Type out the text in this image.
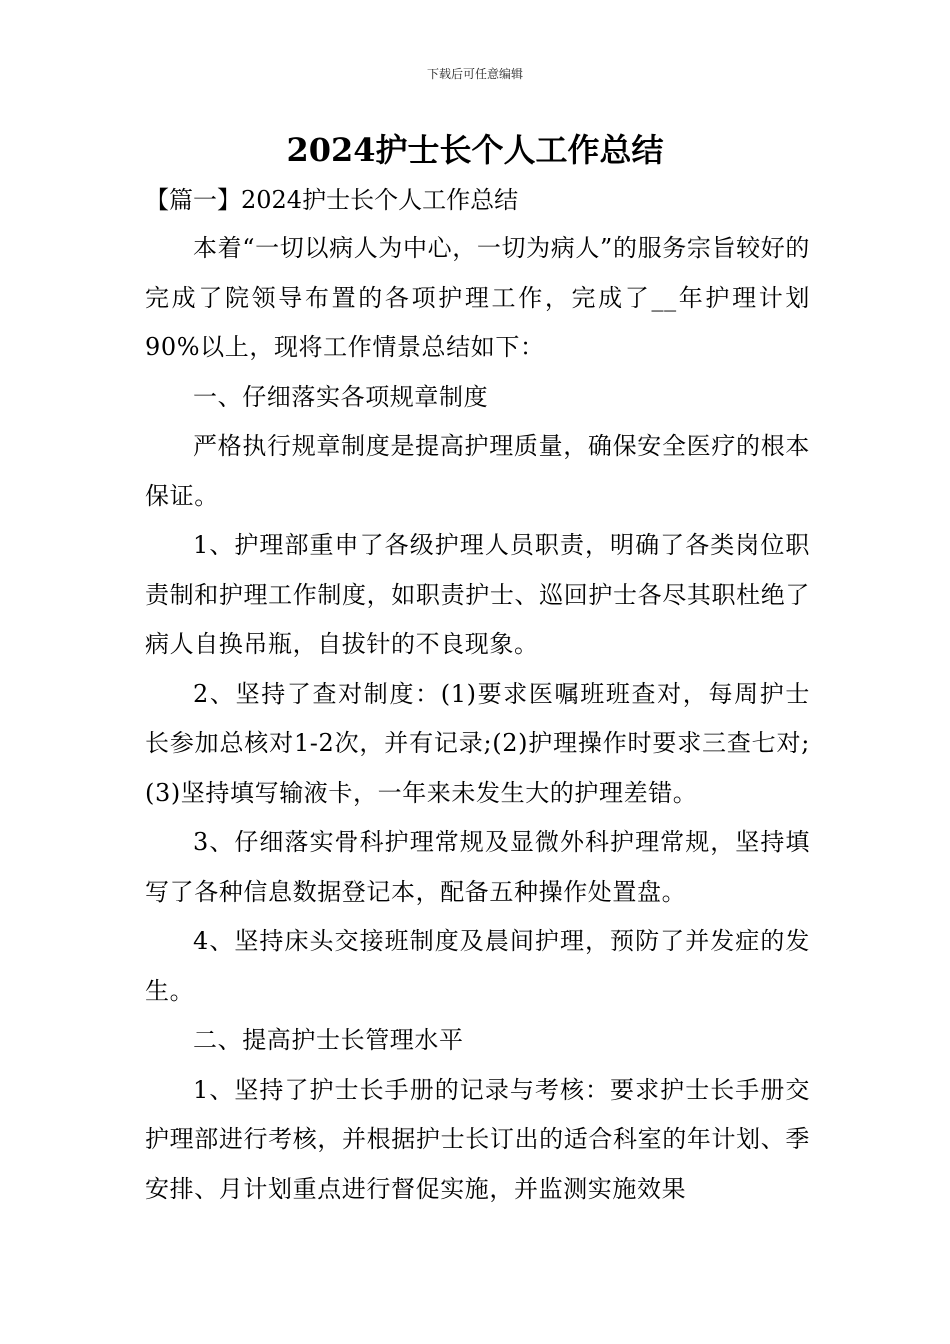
下载后可任意编辑
2024护士长个人工作总结
【篇一】2024护士长个人工作总结

本着“一切以病人为中心，一切为病人”的服务宗旨较好的完成了院领导布置的各项护理工作，完成了__年护理计划90%以上，现将工作情景总结如下：

一、仔细落实各项规章制度

严格执行规章制度是提高护理质量，确保安全医疗的根本保证。

1、护理部重申了各级护理人员职责，明确了各类岗位职责制和护理工作制度，如职责护士、巡回护士各尽其职杜绝了病人自换吊瓶，自拔针的不良现象。

2、坚持了查对制度：(1)要求医嘱班班查对，每周护士长参加总核对1-2次，并有记录;(2)护理操作时要求三查七对;(3)坚持填写输液卡，一年来未发生大的护理差错。

3、仔细落实骨科护理常规及显微外科护理常规，坚持填写了各种信息数据登记本，配备五种操作处置盘。

4、坚持床头交接班制度及晨间护理，预防了并发症的发生。

二、提高护士长管理水平

1、坚持了护士长手册的记录与考核：要求护士长手册交护理部进行考核，并根据护士长订出的适合科室的年计划、季安排、月计划重点进行督促实施，并监测实施效果
